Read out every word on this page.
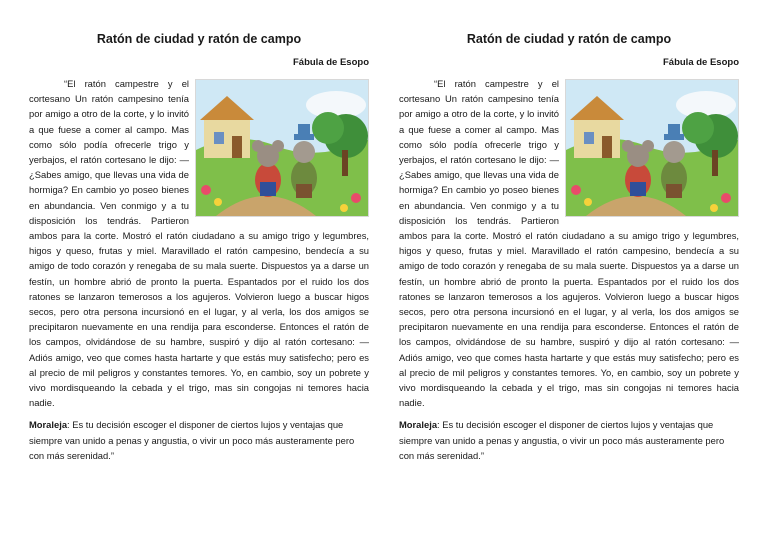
Ratón de ciudad y ratón de campo
Fábula de Esopo

“El ratón campestre y el cortesano Un ratón campesino tenía por amigo a otro de la corte, y lo invitó a que fuese a comer al campo. Mas como sólo podía ofrecerle trigo y yerbajos, el ratón cortesano le dijo: —¿Sabes amigo, que llevas una vida de hormiga? En cambio yo poseo bienes en abundancia. Ven conmigo y a tu disposición los tendrás. Partieron ambos para la corte. Mostró el ratón ciudadano a su amigo trigo y legumbres, higos y queso, frutas y miel. Maravillado el ratón campesino, bendecía a su amigo de todo corazón y renegaba de su mala suerte. Dispuestos ya a darse un festín, un hombre abrió de pronto la puerta. Espantados por el ruido los dos ratones se lanzaron temerosos a los agujeros. Volvieron luego a buscar higos secos, pero otra persona incursionó en el lugar, y al verla, los dos amigos se precipitaron nuevamente en una rendija para esconderse. Entonces el ratón de los campos, olvidándose de su hambre, suspiró y dijo al ratón cortesano: — Adiós amigo, veo que comes hasta hartarte y que estás muy satisfecho; pero es al precio de mil peligros y constantes temores. Yo, en cambio, soy un pobrete y vivo mordisqueando la cebada y el trigo, mas sin congojas ni temores hacia nadie.

Moraleja: Es tu decisión escoger el disponer de ciertos lujos y ventajas que siempre van unido a penas y angustia, o vivir un poco más austeramente pero con más serenidad.”
Ratón de ciudad y ratón de campo
Fábula de Esopo

“El ratón campestre y el cortesano Un ratón campesino tenía por amigo a otro de la corte, y lo invitó a que fuese a comer al campo. Mas como sólo podía ofrecerle trigo y yerbajos, el ratón cortesano le dijo: —¿Sabes amigo, que llevas una vida de hormiga? En cambio yo poseo bienes en abundancia. Ven conmigo y a tu disposición los tendrás. Partieron ambos para la corte. Mostró el ratón ciudadano a su amigo trigo y legumbres, higos y queso, frutas y miel. Maravillado el ratón campesino, bendecía a su amigo de todo corazón y renegaba de su mala suerte. Dispuestos ya a darse un festín, un hombre abrió de pronto la puerta. Espantados por el ruido los dos ratones se lanzaron temerosos a los agujeros. Volvieron luego a buscar higos secos, pero otra persona incursionó en el lugar, y al verla, los dos amigos se precipitaron nuevamente en una rendija para esconderse. Entonces el ratón de los campos, olvidándose de su hambre, suspiró y dijo al ratón cortesano: — Adiós amigo, veo que comes hasta hartarte y que estás muy satisfecho; pero es al precio de mil peligros y constantes temores. Yo, en cambio, soy un pobrete y vivo mordisqueando la cebada y el trigo, mas sin congojas ni temores hacia nadie.

Moraleja: Es tu decisión escoger el disponer de ciertos lujos y ventajas que siempre van unido a penas y angustia, o vivir un poco más austeramente pero con más serenidad.”
